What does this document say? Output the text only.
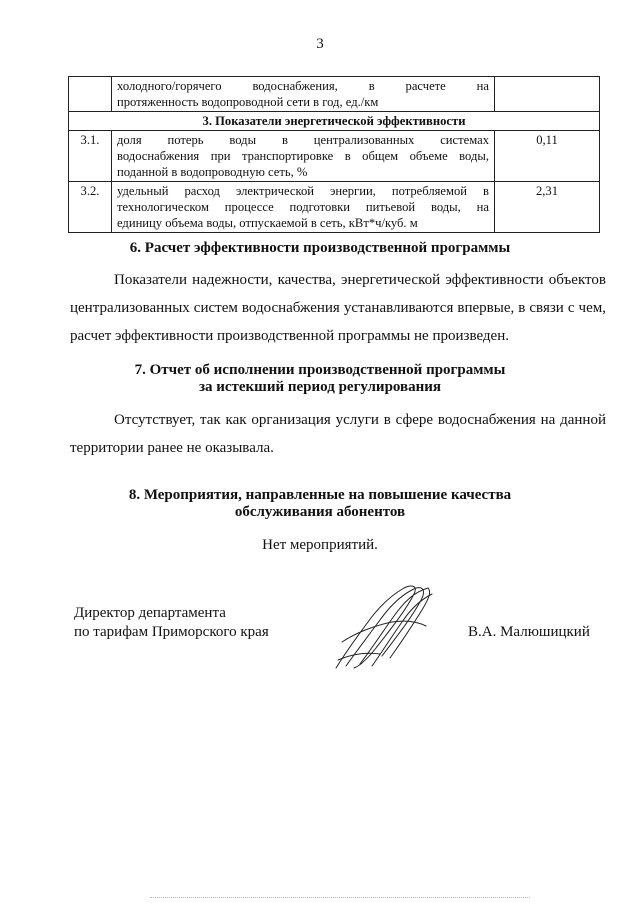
3

	холодного/горячего водоснабжения, в расчете на
протяженность водопроводной сети в год, ед./км	

3. Показатели энергетической эффективности		
3.1.	доля потерь воды в централизованных системах
водоснабжения при транспортировке в общем объеме воды,
поданной в водопроводную сеть, %	0,11
3.2.	удельный расход электрической энергии, потребляемой в
технологическом процессе подготовки питьевой воды, на
единицу объема воды, отпускаемой в сеть, кВт*ч/куб. м	2,31
6. Расчет эффективности производственной программы
Показатели надежности, качества, энергетической эффективности объектов централизованных систем водоснабжения устанавливаются впервые, в связи с чем, расчет эффективности производственной программы не произведен.
7. Отчет об исполнении производственной программы
за истекший период регулирования
Отсутствует, так как организация услуги в сфере водоснабжения на данной территории ранее не оказывала.
8. Мероприятия, направленные на повышение качества
обслуживания абонентов
Нет мероприятий.
Директор департамента
по тарифам Приморского края	В.А. Малюшицкий
